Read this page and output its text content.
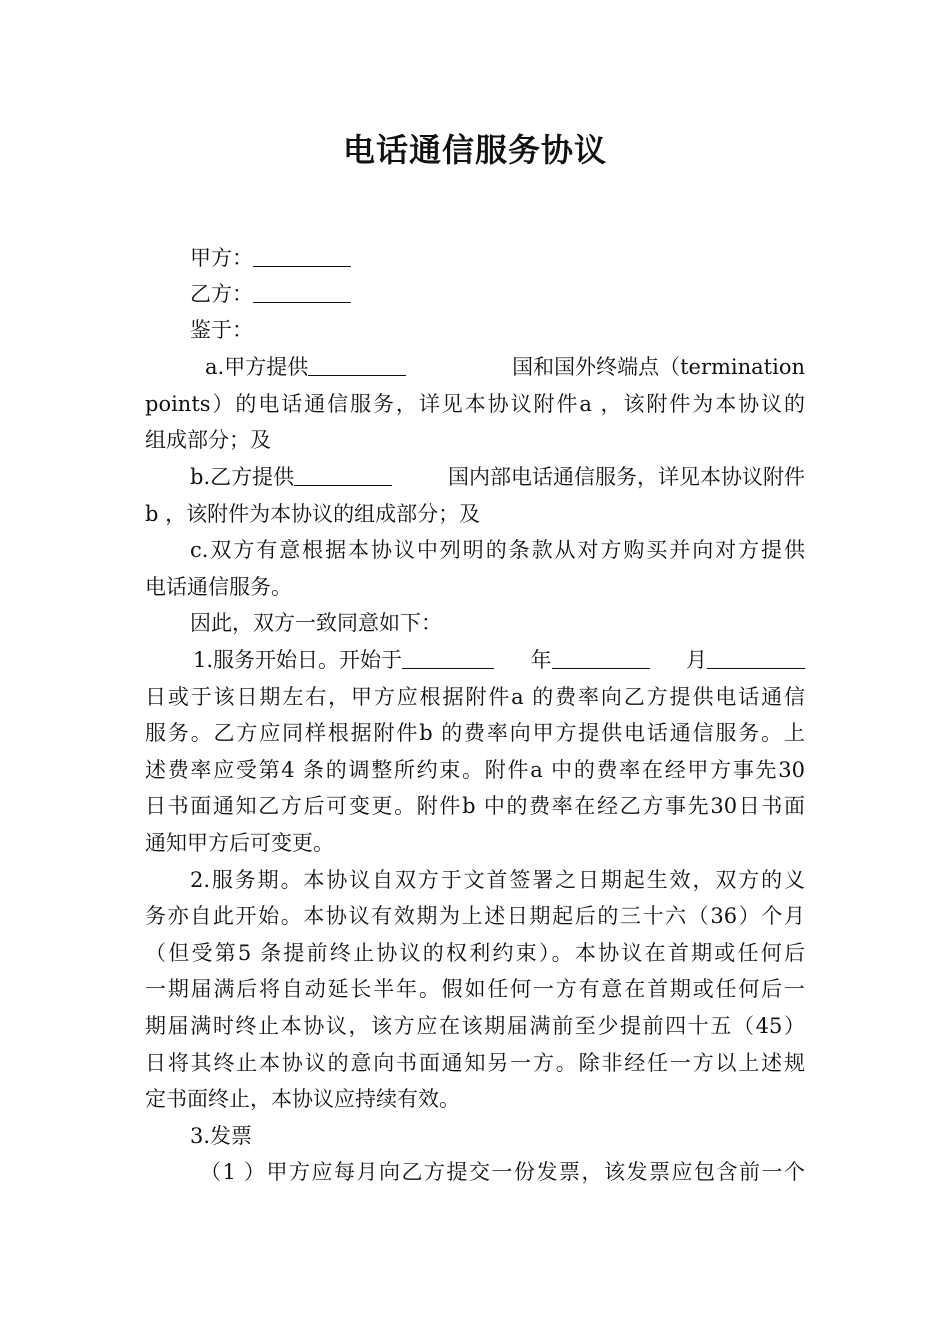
电话通信服务协议
甲方：
乙方：
鉴于：
a.甲方提供	国和国外终端点（termination
points）的电话通信服务，详见本协议附件a ，该附件为本协议的
组成部分；及
b.乙方提供	国内部电话通信服务，详见本协议附件
b ，该附件为本协议的组成部分；及
c.双方有意根据本协议中列明的条款从对方购买并向对方提供
电话通信服务。
因此，双方一致同意如下：
1.服务开始日。开始于	年	月
日或于该日期左右，甲方应根据附件a 的费率向乙方提供电话通信
服务。乙方应同样根据附件b 的费率向甲方提供电话通信服务。上
述费率应受第4 条的调整所约束。附件a 中的费率在经甲方事先30
日书面通知乙方后可变更。附件b 中的费率在经乙方事先30日书面
通知甲方后可变更。
2.服务期。本协议自双方于文首签署之日期起生效，双方的义
务亦自此开始。本协议有效期为上述日期起后的三十六（36）个月
（但受第5 条提前终止协议的权利约束）。本协议在首期或任何后
一期届满后将自动延长半年。假如任何一方有意在首期或任何后一
期届满时终止本协议，该方应在该期届满前至少提前四十五（45）
日将其终止本协议的意向书面通知另一方。除非经任一方以上述规
定书面终止，本协议应持续有效。
3.发票
（1 ）甲方应每月向乙方提交一份发票，该发票应包含前一个
